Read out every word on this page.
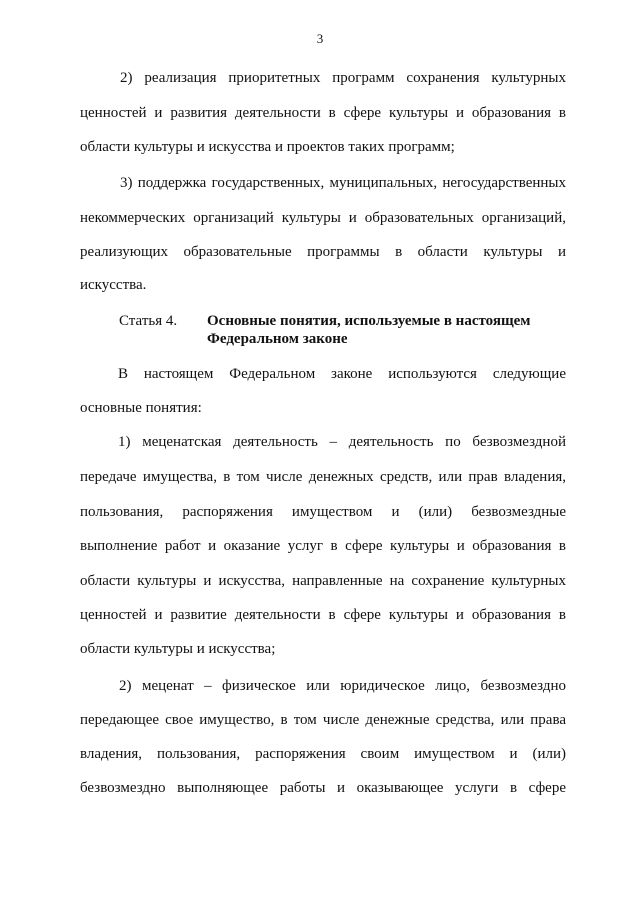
3
2) реализация приоритетных программ сохранения культурных
ценностей и развития деятельности в сфере культуры и образования в
области культуры и искусства и проектов таких программ;
3) поддержка государственных, муниципальных, негосударственных
некоммерческих организаций культуры и образовательных организаций,
реализующих образовательные программы в области культуры и
искусства.
Статья 4. Основные понятия, используемые в настоящем
Федеральном законе
В настоящем Федеральном законе используются следующие
основные понятия:
1) меценатская деятельность – деятельность по безвозмездной
передаче имущества, в том числе денежных средств, или прав владения,
пользования, распоряжения имуществом и (или) безвозмездные
выполнение работ и оказание услуг в сфере культуры и образования в
области культуры и искусства, направленные на сохранение культурных
ценностей и развитие деятельности в сфере культуры и образования в
области культуры и искусства;
2) меценат – физическое или юридическое лицо, безвозмездно
передающее свое имущество, в том числе денежные средства, или права
владения, пользования, распоряжения своим имуществом и (или)
безвозмездно выполняющее работы и оказывающее услуги в сфере
